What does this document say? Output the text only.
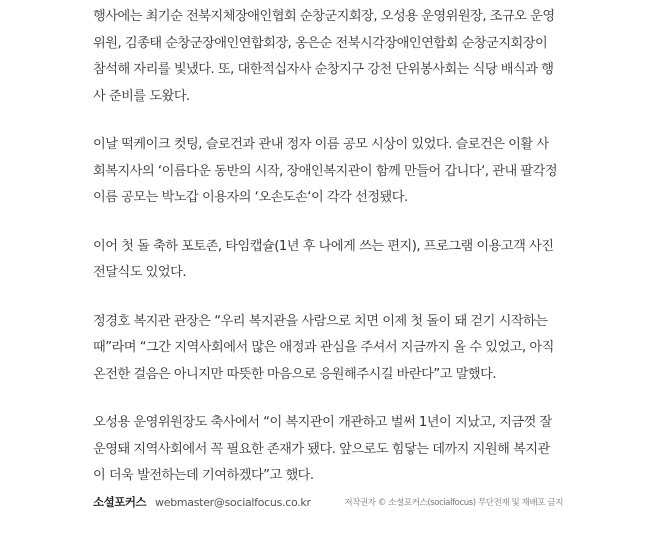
행사에는 최기순 전북지체장애인협회 순창군지회장, 오성용 운영위원장, 조규오 운영
위원, 김종태 순창군장애인연합회장, 옹은순 전북시각장애인연합회 순창군지회장이
참석해 자리를 빛냈다. 또, 대한적십자사 순창지구 강천 단위봉사회는 식당 배식과 행
사 준비를 도왔다.

이날 떡케이크 컷팅, 슬로건과 관내 정자 이름 공모 시상이 있었다. 슬로건은 이활 사
회복지사의 ‘이름다운 동반의 시작, 장애인복지관이 함께 만들어 갑니다‘, 관내 팔각정
이름 공모는 박노갑 이용자의 ‘오손도손‘이 각각 선정됐다.

이어 첫 돌 축하 포토존, 타임캡슐(1년 후 나에게 쓰는 편지), 프로그램 이용고객 사진
전달식도 있었다.

정경호 복지관 관장은 “우리 복지관을 사람으로 치면 이제 첫 돌이 돼 걷기 시작하는
때”라며 “그간 지역사회에서 많은 애정과 관심을 주셔서 지금까지 올 수 있었고, 아직
온전한 걸음은 아니지만 따뜻한 마음으로 응원해주시길 바란다”고 말했다.

오성용 운영위원장도 축사에서 “이 복지관이 개관하고 벌써 1년이 지났고, 지금껏 잘
운영돼 지역사회에서 꼭 필요한 존재가 됐다. 앞으로도 힘닿는 데까지 지원해 복지관
이 더욱 발전하는데 기여하겠다”고 했다.

소셜포커스 webmaster@socialfocus.co.kr	저작권자 © 소셜포커스(socialfocus) 무단전재 및 재배포 금지
